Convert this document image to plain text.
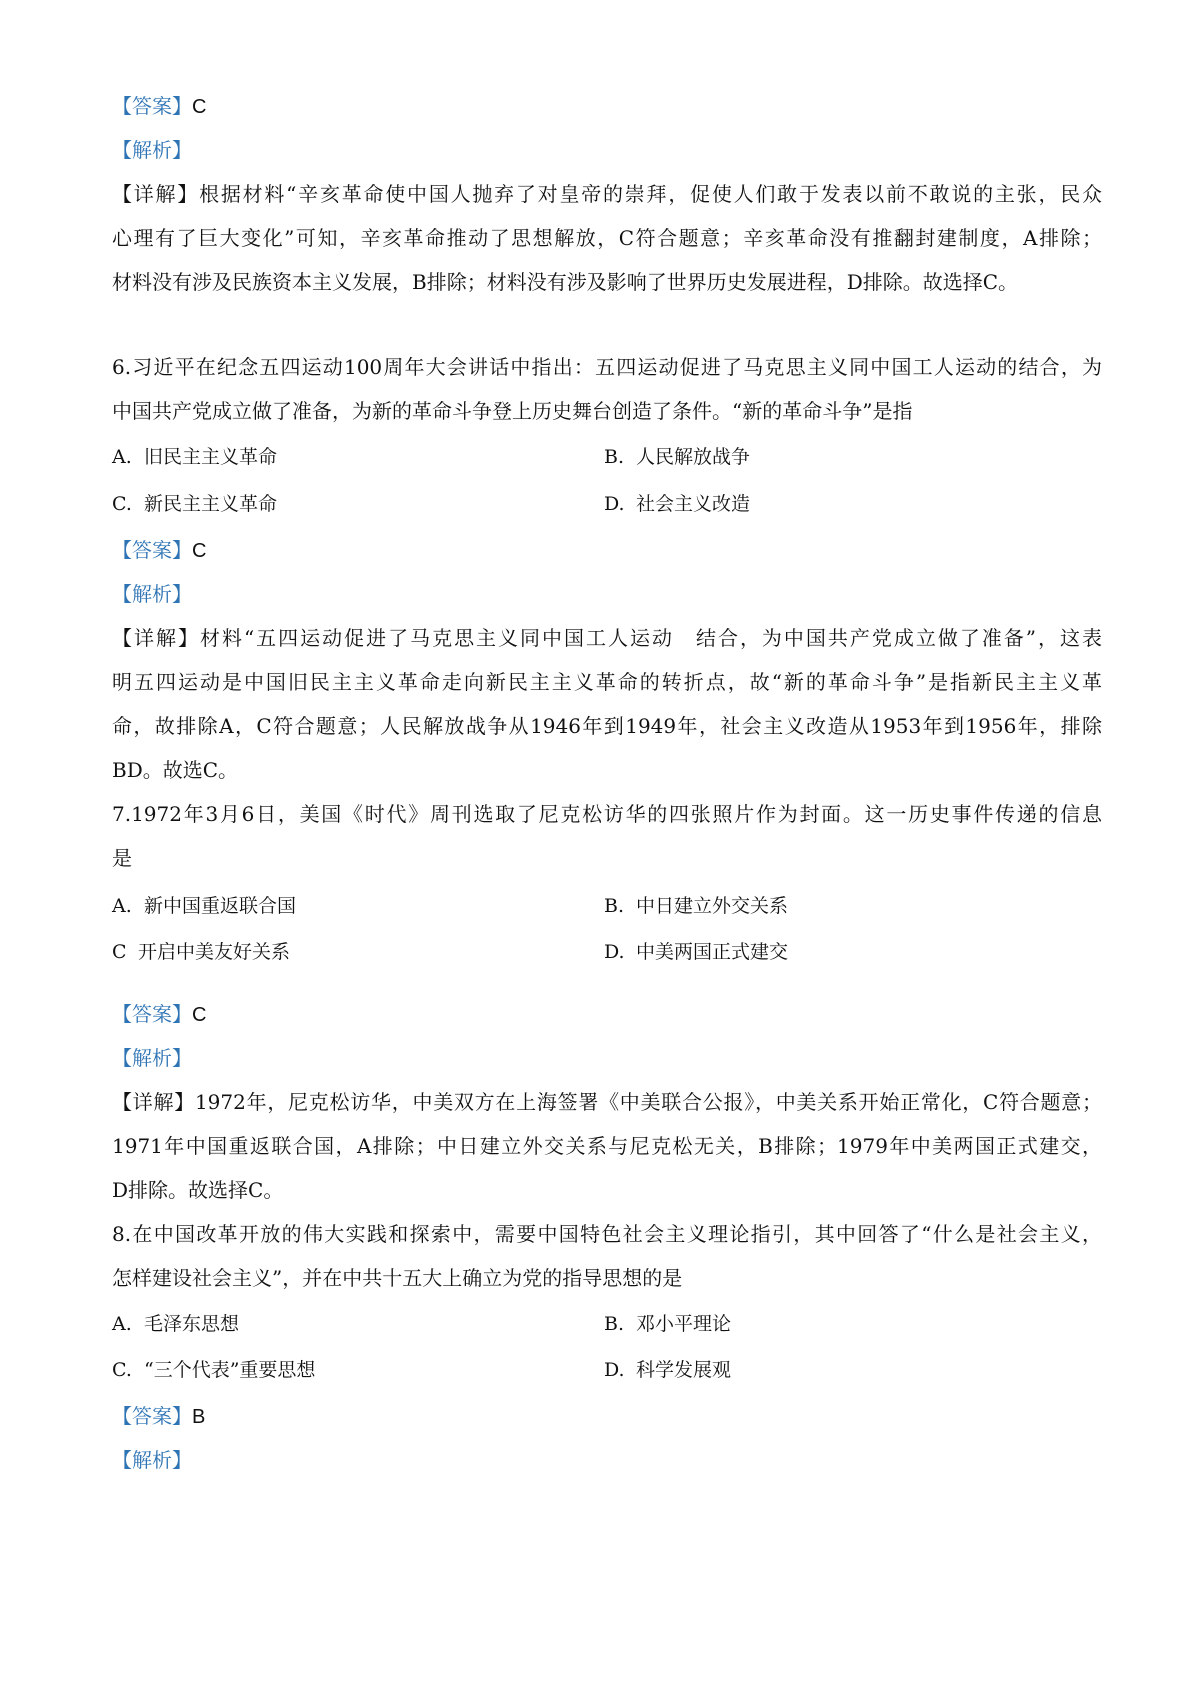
【答案】C
【解析】
【详解】根据材料“辛亥革命使中国人抛弃了对皇帝的崇拜，促使人们敢于发表以前不敢说的主张，民众
心理有了巨大变化”可知，辛亥革命推动了思想解放，C符合题意；辛亥革命没有推翻封建制度，A排除；
材料没有涉及民族资本主义发展，B排除；材料没有涉及影响了世界历史发展进程，D排除。故选择C。
6.习近平在纪念五四运动100周年大会讲话中指出：五四运动促进了马克思主义同中国工人运动的结合，为
中国共产党成立做了准备，为新的革命斗争登上历史舞台创造了条件。“新的革命斗争”是指
A. 旧民主主义革命	B. 人民解放战争
C. 新民主主义革命	D. 社会主义改造
【答案】C
【解析】
【详解】材料“五四运动促进了马克思主义同中国工人运动　结合，为中国共产党成立做了准备”，这表
明五四运动是中国旧民主主义革命走向新民主主义革命的转折点，故“新的革命斗争”是指新民主主义革
命，故排除A，C符合题意；人民解放战争从1946年到1949年，社会主义改造从1953年到1956年，排除
BD。故选C。
7.1972年3月6日，美国《时代》周刊选取了尼克松访华的四张照片作为封面。这一历史事件传递的信息
是
A. 新中国重返联合国	B. 中日建立外交关系
C 开启中美友好关系	D. 中美两国正式建交
【答案】C
【解析】
【详解】1972年，尼克松访华，中美双方在上海签署《中美联合公报》，中美关系开始正常化，C符合题意；
1971年中国重返联合国，A排除；中日建立外交关系与尼克松无关，B排除；1979年中美两国正式建交，
D排除。故选择C。
8.在中国改革开放的伟大实践和探索中，需要中国特色社会主义理论指引，其中回答了“什么是社会主义，
怎样建设社会主义”，并在中共十五大上确立为党的指导思想的是
A. 毛泽东思想	B. 邓小平理论
C. “三个代表”重要思想	D. 科学发展观
【答案】B
【解析】
